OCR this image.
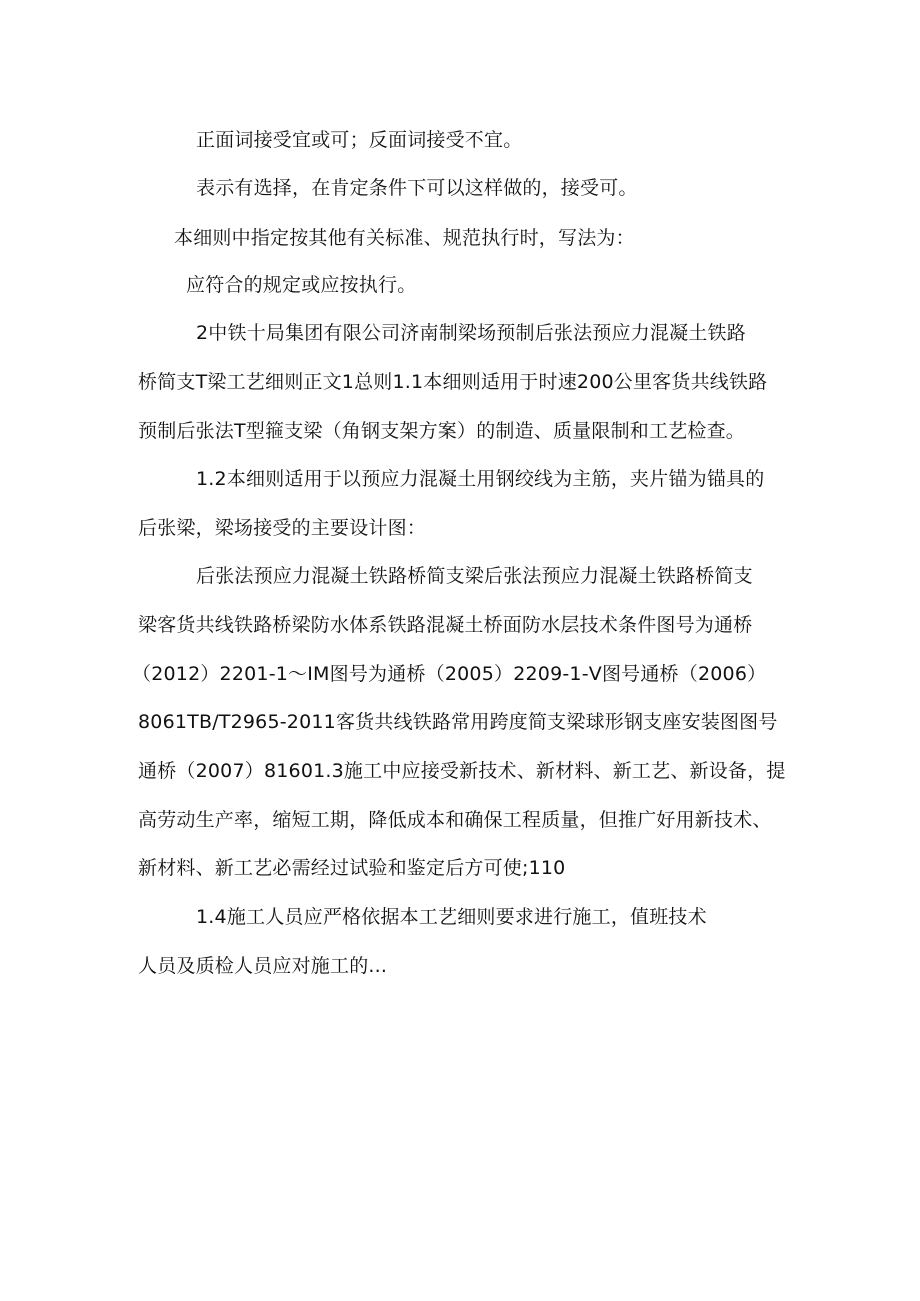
正面词接受宜或可；反面词接受不宜。
表示有选择，在肯定条件下可以这样做的，接受可。
本细则中指定按其他有关标准、规范执行时，写法为：
应符合的规定或应按执行。
2中铁十局集团有限公司济南制梁场预制后张法预应力混凝土铁路
桥简支T梁工艺细则正文1总则1.1本细则适用于时速200公里客货共线铁路
预制后张法T型箍支梁（角钢支架方案）的制造、质量限制和工艺检查。
1.2本细则适用于以预应力混凝土用钢绞线为主筋，夹片锚为锚具的
后张梁，梁场接受的主要设计图：
后张法预应力混凝土铁路桥简支梁后张法预应力混凝土铁路桥简支
梁客货共线铁路桥梁防水体系铁路混凝土桥面防水层技术条件图号为通桥
（2012）2201-1～IM图号为通桥（2005）2209-1-V图号通桥（2006）
8061TB/T2965-2011客货共线铁路常用跨度简支梁球形钢支座安装图图号
通桥（2007）81601.3施工中应接受新技术、新材料、新工艺、新设备，提
高劳动生产率，缩短工期，降低成本和确保工程质量，但推广好用新技术、
新材料、新工艺必需经过试验和鉴定后方可使;110
1.4施工人员应严格依据本工艺细则要求进行施工，值班技术
人员及质检人员应对施工的...
